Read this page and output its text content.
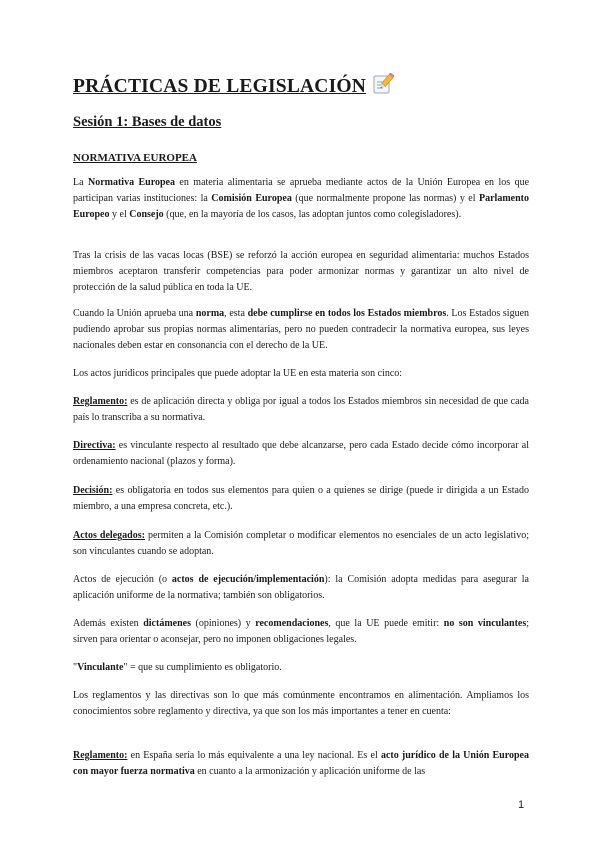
PRÁCTICAS DE LEGISLACIÓN
Sesión 1: Bases de datos
NORMATIVA EUROPEA

La Normativa Europea en materia alimentaria se aprueba mediante actos de la Unión Europea en los que participan varias instituciones: la Comisión Europea (que normalmente propone las normas) y el Parlamento Europeo y el Consejo (que, en la mayoría de los casos, las adoptan juntos como colegisladores).

Tras la crisis de las vacas locas (BSE) se reforzó la acción europea en seguridad alimentaria: muchos Estados miembros aceptaron transferir competencias para poder armonizar normas y garantizar un alto nivel de protección de la salud pública en toda la UE.

Cuando la Unión aprueba una norma, esta debe cumplirse en todos los Estados miembros. Los Estados siguen pudiendo aprobar sus propias normas alimentarias, pero no pueden contradecir la normativa europea, sus leyes nacionales deben estar en consonancia con el derecho de la UE.

Los actos jurídicos principales que puede adoptar la UE en esta materia son cinco:

Reglamento: es de aplicación directa y obliga por igual a todos los Estados miembros sin necesidad de que cada país lo transcriba a su normativa.

Directiva: es vinculante respecto al resultado que debe alcanzarse, pero cada Estado decide cómo incorporar al ordenamiento nacional (plazos y forma).

Decisión: es obligatoria en todos sus elementos para quien o a quienes se dirige (puede ir dirigida a un Estado miembro, a una empresa concreta, etc.).

Actos delegados: permiten a la Comisión completar o modificar elementos no esenciales de un acto legislativo; son vinculantes cuando se adoptan.

Actos de ejecución (o actos de ejecución/implementación): la Comisión adopta medidas para asegurar la aplicación uniforme de la normativa; también son obligatorios.

Además existen dictámenes (opiniones) y recomendaciones, que la UE puede emitir: no son vinculantes; sirven para orientar o aconsejar, pero no imponen obligaciones legales.

"Vinculante" = que su cumplimiento es obligatorio.

Los reglamentos y las directivas son lo que más comúnmente encontramos en alimentación. Ampliamos los conocimientos sobre reglamento y directiva, ya que son los más importantes a tener en cuenta:

Reglamento: en España sería lo más equivalente a una ley nacional. Es el acto jurídico de la Unión Europea con mayor fuerza normativa en cuanto a la armonización y aplicación uniforme de las

1
